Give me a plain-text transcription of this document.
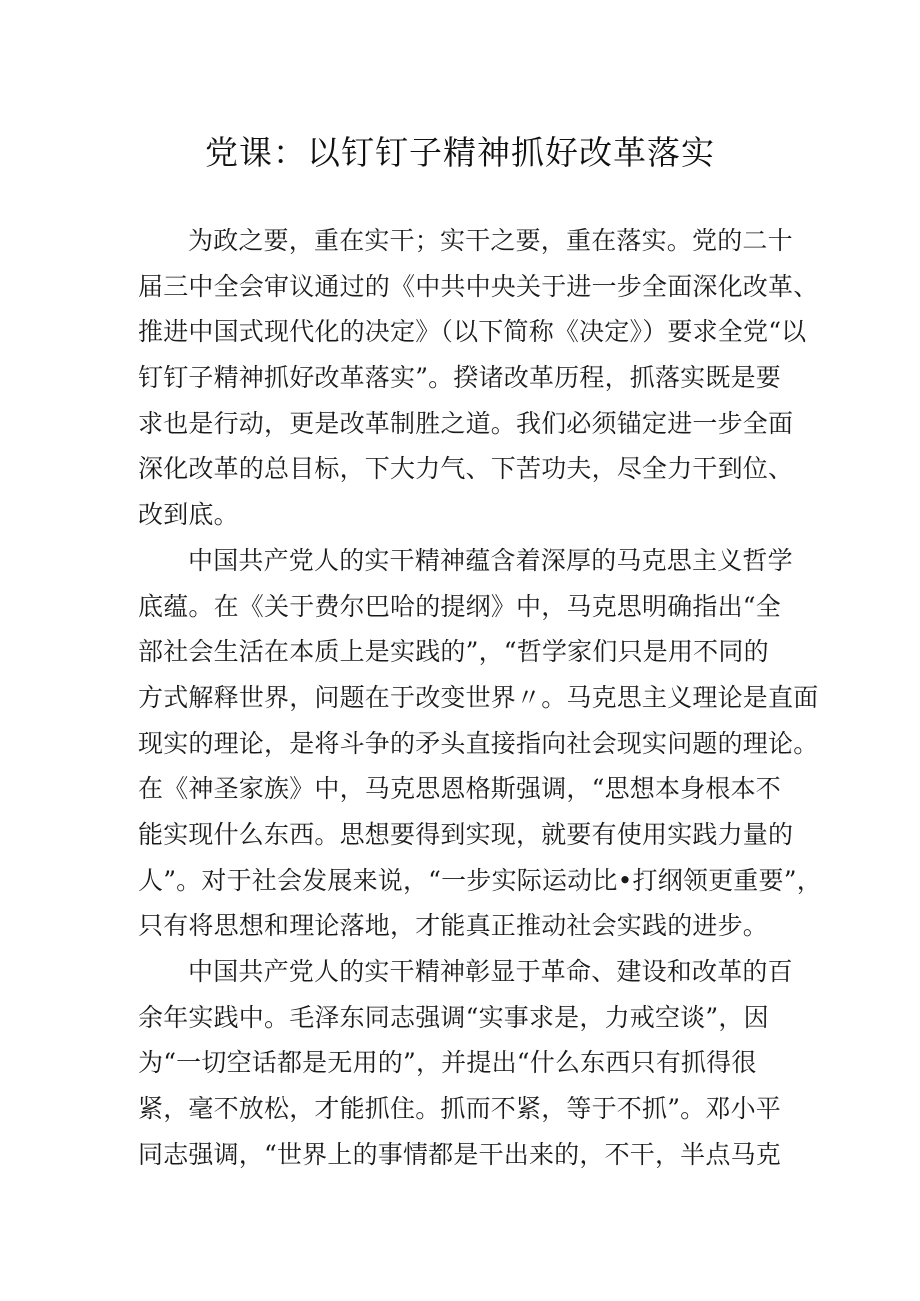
党课：以钉钉子精神抓好改革落实
为政之要，重在实干；实干之要，重在落实。党的二十
届三中全会审议通过的《中共中央关于进一步全面深化改革、
推进中国式现代化的决定》（以下简称《决定》）要求全党“以
钉钉子精神抓好改革落实”。揆诸改革历程，抓落实既是要
求也是行动，更是改革制胜之道。我们必须锚定进一步全面
深化改革的总目标，下大力气、下苦功夫，尽全力干到位、
改到底。
中国共产党人的实干精神蕴含着深厚的马克思主义哲学
底蕴。在《关于费尔巴哈的提纲》中，马克思明确指出“全
部社会生活在本质上是实践的”，“哲学家们只是用不同的
方式解释世界，问题在于改变世界〃。马克思主义理论是直面
现实的理论，是将斗争的矛头直接指向社会现实问题的理论。
在《神圣家族》中，马克思恩格斯强调，“思想本身根本不
能实现什么东西。思想要得到实现，就要有使用实践力量的
人”。对于社会发展来说，“一步实际运动比•打纲领更重要”，
只有将思想和理论落地，才能真正推动社会实践的进步。
中国共产党人的实干精神彰显于革命、建设和改革的百
余年实践中。毛泽东同志强调“实事求是，力戒空谈”，因
为“一切空话都是无用的”，并提出“什么东西只有抓得很
紧，毫不放松，才能抓住。抓而不紧，等于不抓”。邓小平
同志强调，“世界上的事情都是干出来的，不干，半点马克
